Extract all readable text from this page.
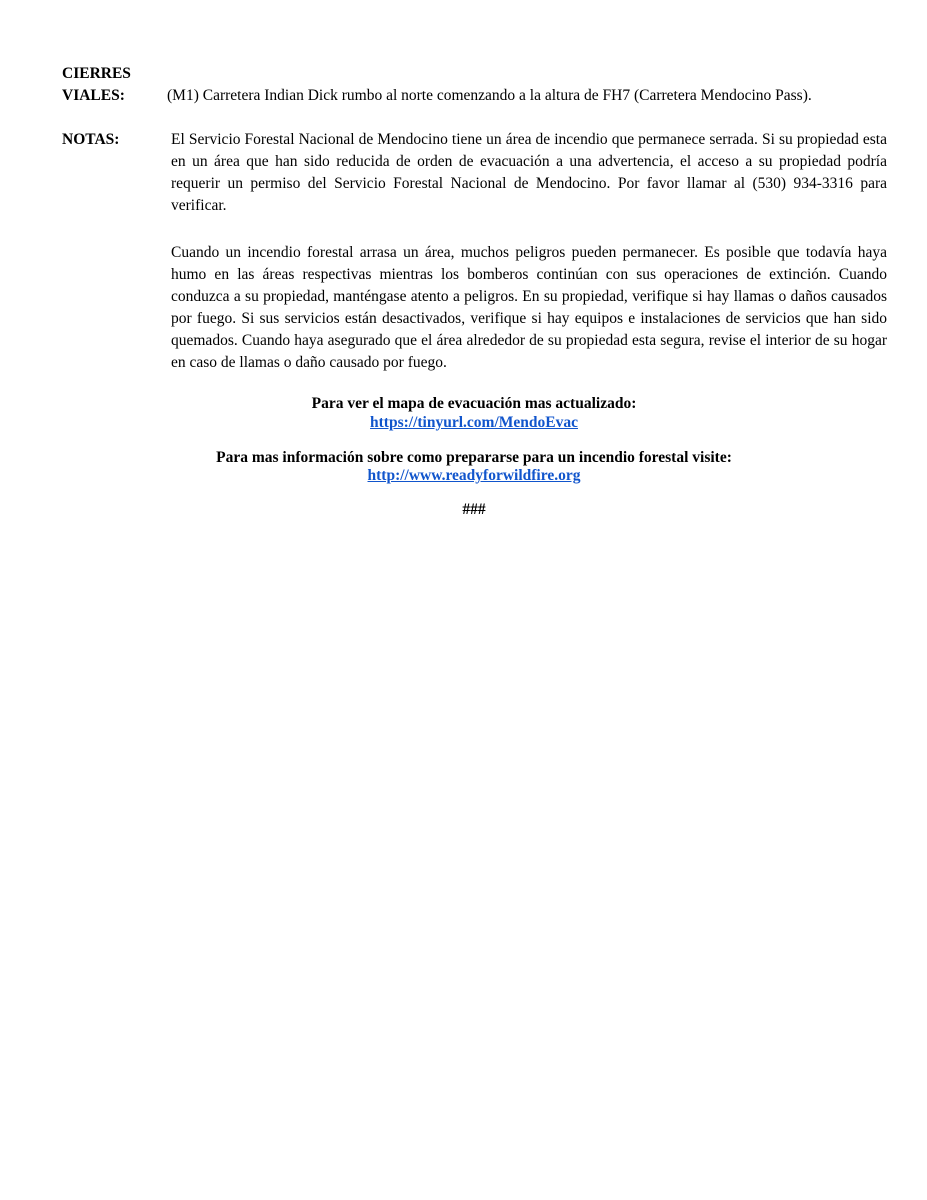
CIERRES
VIALES:	(M1) Carretera Indian Dick rumbo al norte comenzando a la altura de FH7 (Carretera Mendocino Pass).
NOTAS:	El Servicio Forestal Nacional de Mendocino tiene un área de incendio que permanece serrada. Si su propiedad esta en un área que han sido reducida de orden de evacuación a una advertencia, el acceso a su propiedad podría requerir un permiso del Servicio Forestal Nacional de Mendocino. Por favor llamar al (530) 934-3316 para verificar.
Cuando un incendio forestal arrasa un área, muchos peligros pueden permanecer. Es posible que todavía haya humo en las áreas respectivas mientras los bomberos continúan con sus operaciones de extinción. Cuando conduzca a su propiedad, manténgase atento a peligros. En su propiedad, verifique si hay llamas o daños causados por fuego. Si sus servicios están desactivados, verifique si hay equipos e instalaciones de servicios que han sido quemados. Cuando haya asegurado que el área alrededor de su propiedad esta segura, revise el interior de su hogar en caso de llamas o daño causado por fuego.
Para ver el mapa de evacuación mas actualizado:
https://tinyurl.com/MendoEvac
Para mas información sobre como prepararse para un incendio forestal visite:
http://www.readyforwildfire.org
###
